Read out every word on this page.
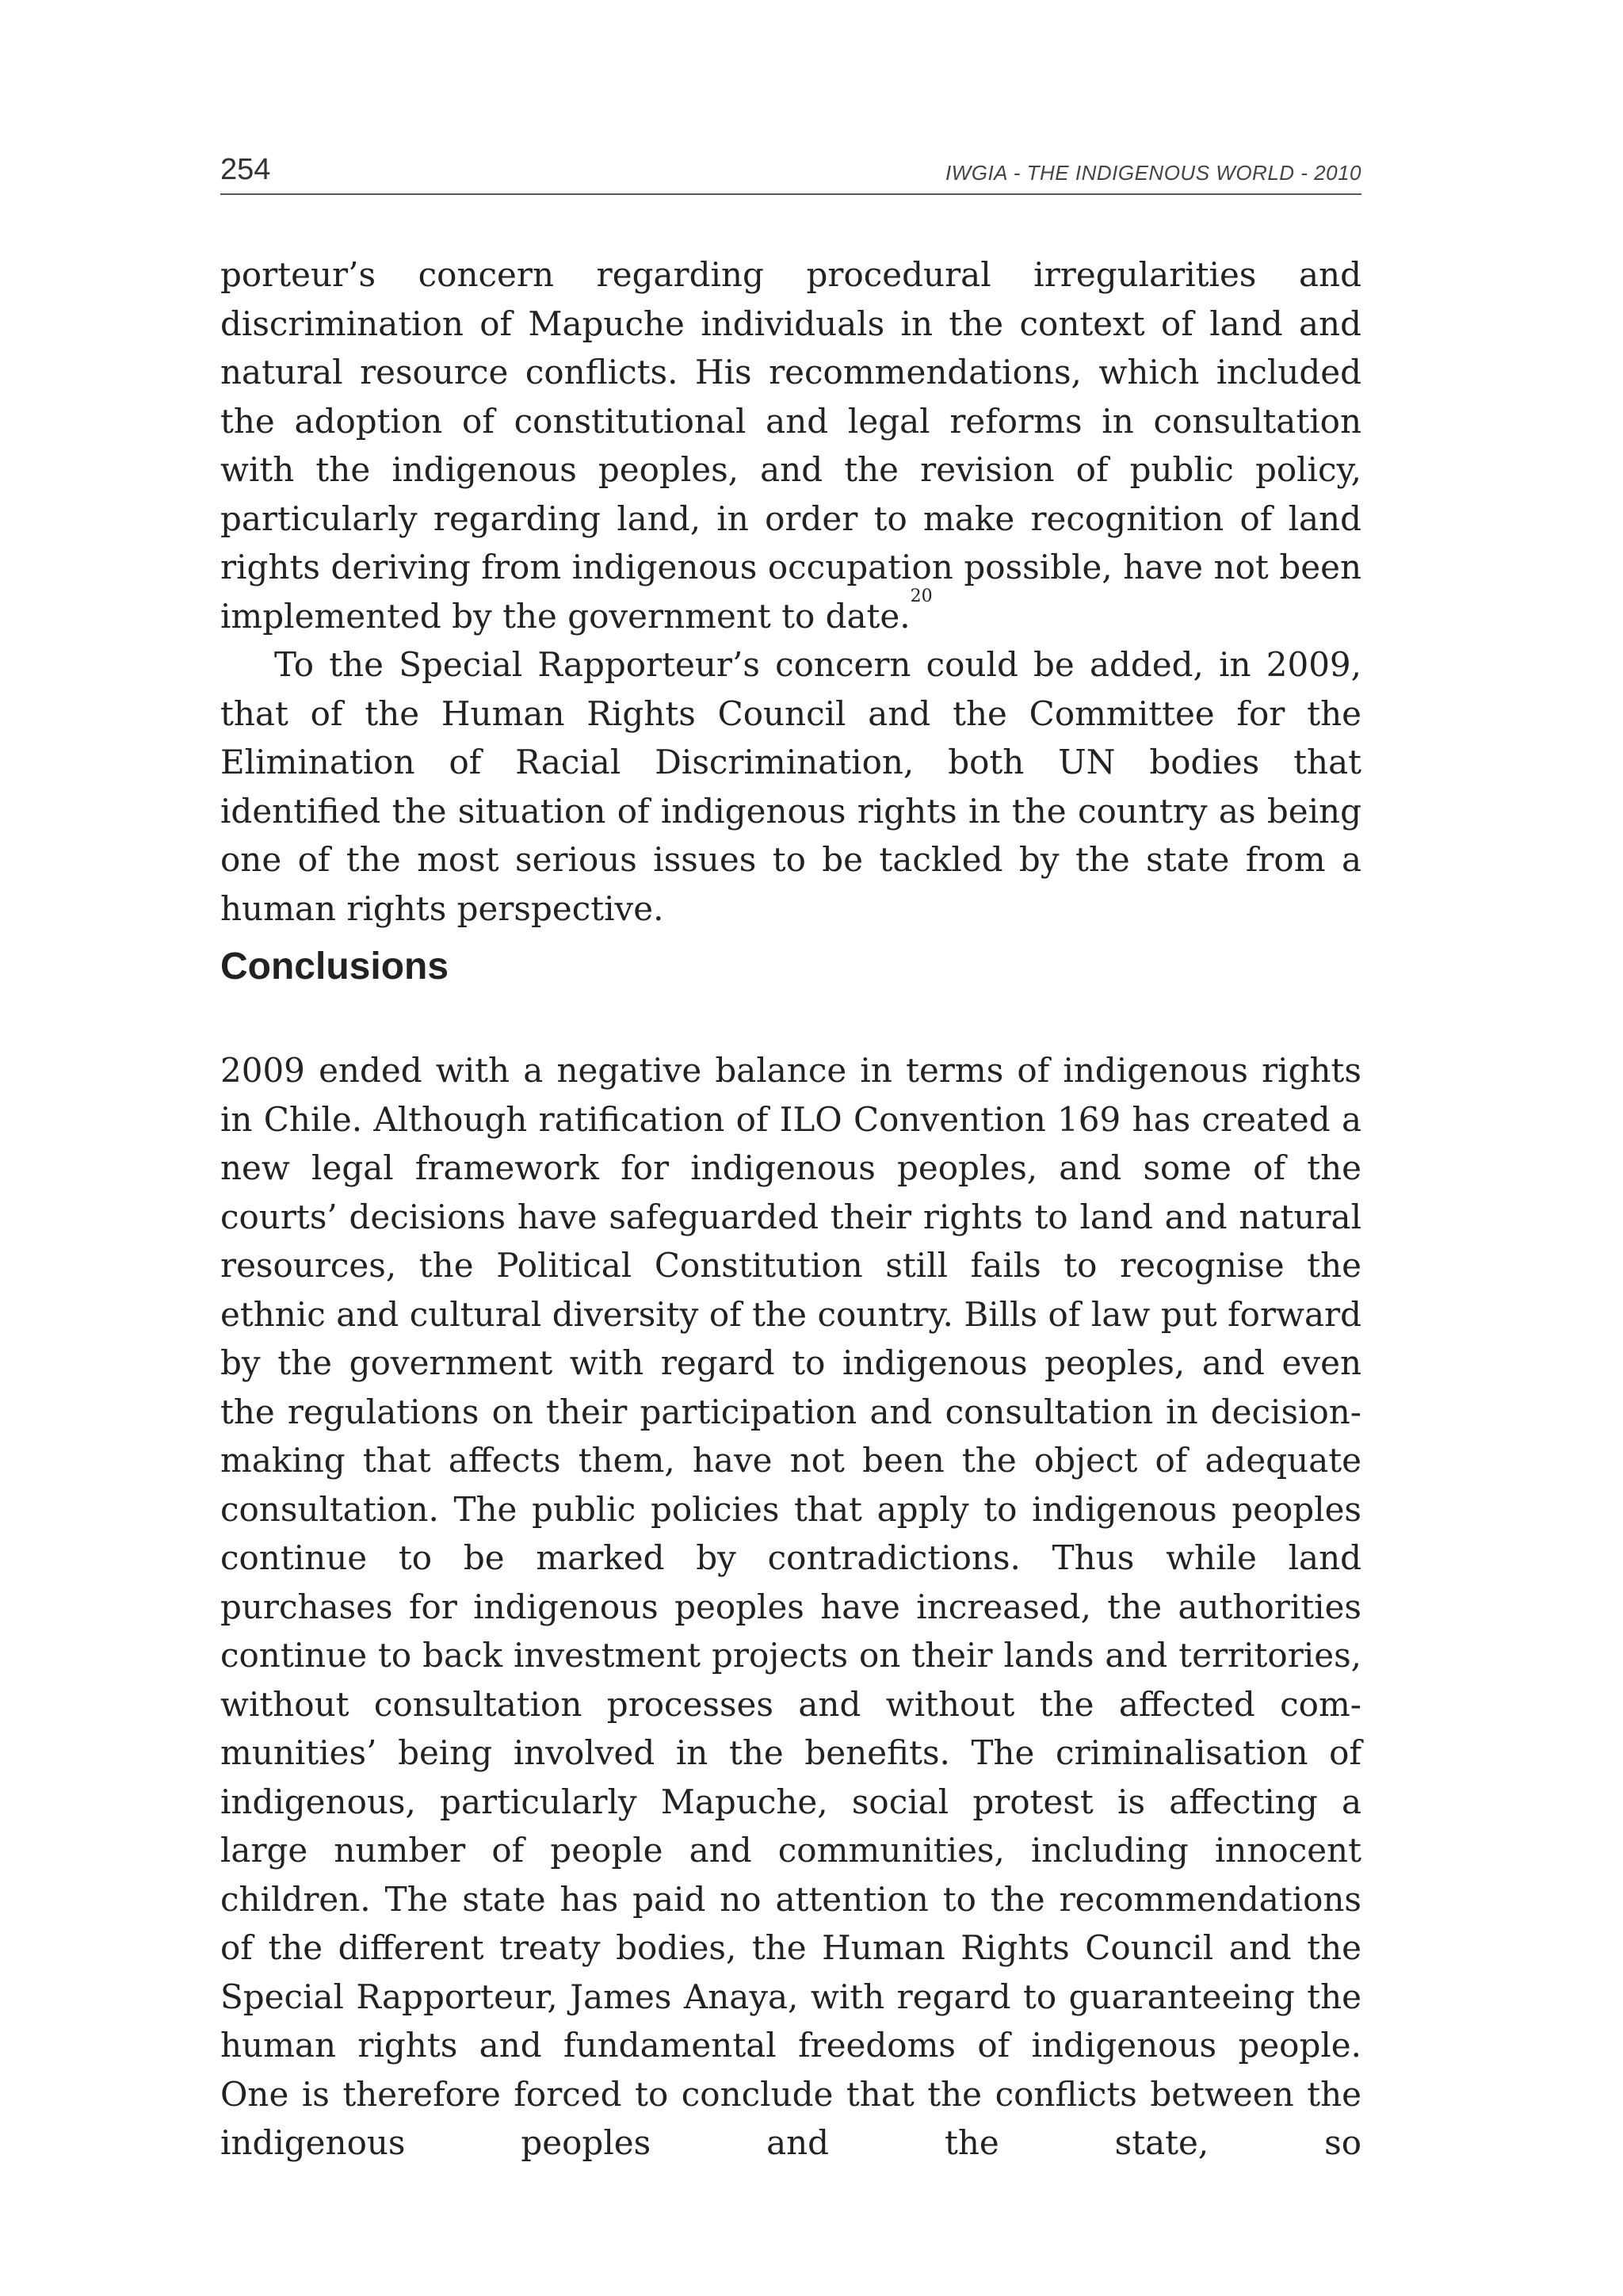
254	IWGIA - THE INDIGENOUS WORLD - 2010

porteur’s concern regarding procedural irregularities and discrimination of Mapuche individuals in the context of land and natural resource conflicts. His recommendations, which included the adoption of constitutional and legal reforms in consultation with the indigenous peoples, and the revision of public policy, particularly regarding land, in order to make recognition of land rights deriving from indigenous occupation possible, have not been implemented by the government to date.$^{20}$

To the Special Rapporteur’s concern could be added, in 2009, that of the Human Rights Council and the Committee for the Elimination of Racial Discrimination, both UN bodies that identified the situation of indigenous rights in the country as being one of the most serious issues to be tackled by the state from a human rights perspective.

Conclusions

2009 ended with a negative balance in terms of indigenous rights in Chile. Although ratification of ILO Convention 169 has created a new legal framework for indigenous peoples, and some of the courts’ decisions have safeguarded their rights to land and natural resources, the Political Constitution still fails to recognise the ethnic and cultural diversity of the country. Bills of law put forward by the government with regard to indigenous peoples, and even the regulations on their participation and consultation in decision-making that affects them, have not been the object of adequate consultation. The public policies that apply to indigenous peoples continue to be marked by contradictions. Thus while land purchases for indigenous peoples have increased, the authorities continue to back investment projects on their lands and territories, without consultation processes and without the affected communities’ being involved in the benefits. The criminalisation of indigenous, particularly Mapuche, social protest is affecting a large number of people and communities, including innocent children. The state has paid no attention to the recommendations of the different treaty bodies, the Human Rights Council and the Special Rapporteur, James Anaya, with regard to guaranteeing the human rights and fundamental freedoms of indigenous people. One is therefore forced to conclude that the conflicts between the indigenous peoples and the state, so
